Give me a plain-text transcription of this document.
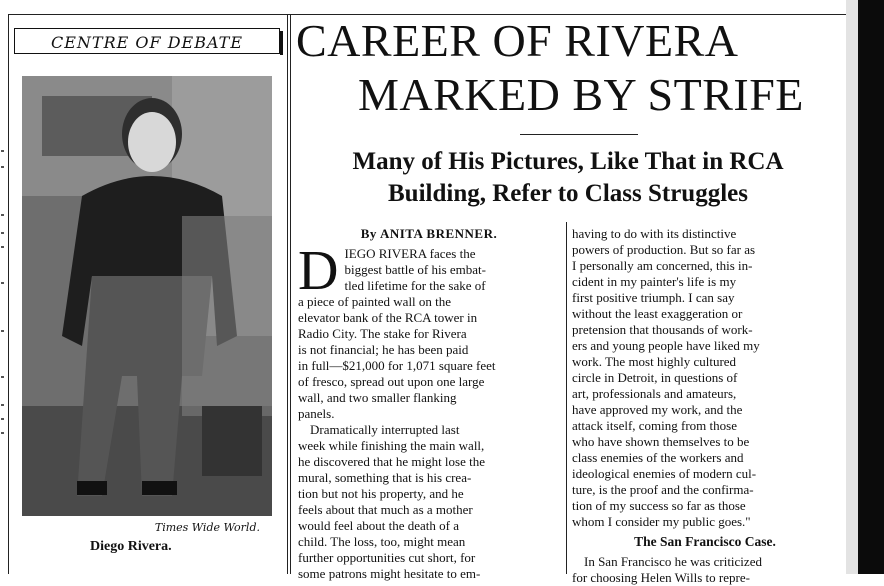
CENTRE OF DEBATE
Times Wide World.
Diego Rivera.
CAREER OF RIVERA
MARKED BY STRIFE
Many of His Pictures, Like That in RCA
Building, Refer to Class Struggles
By ANITA BRENNER.
D IEGO RIVERA faces the
biggest battle of his embat-
tled lifetime for the sake of
a piece of painted wall on the
elevator bank of the RCA tower in
Radio City. The stake for Rivera
is not financial; he has been paid
in full—$21,000 for 1,071 square feet
of fresco, spread out upon one large
wall, and two smaller flanking
panels.
Dramatically interrupted last
week while finishing the main wall,
he discovered that he might lose the
mural, something that is his crea-
tion but not his property, and he
feels about that much as a mother
would feel about the death of a
child. The loss, too, might mean
further opportunities cut short, for
some patrons might hesitate to em-
having to do with its distinctive
powers of production. But so far as
I personally am concerned, this in-
cident in my painter's life is my
first positive triumph. I can say
without the least exaggeration or
pretension that thousands of work-
ers and young people have liked my
work. The most highly cultured
circle in Detroit, in questions of
art, professionals and amateurs,
have approved my work, and the
attack itself, coming from those
who have shown themselves to be
class enemies of the workers and
ideological enemies of modern cul-
ture, is the proof and the confirma-
tion of my success so far as those
whom I consider my public goes."
The San Francisco Case.
In San Francisco he was criticized
for choosing Helen Wills to repre-
